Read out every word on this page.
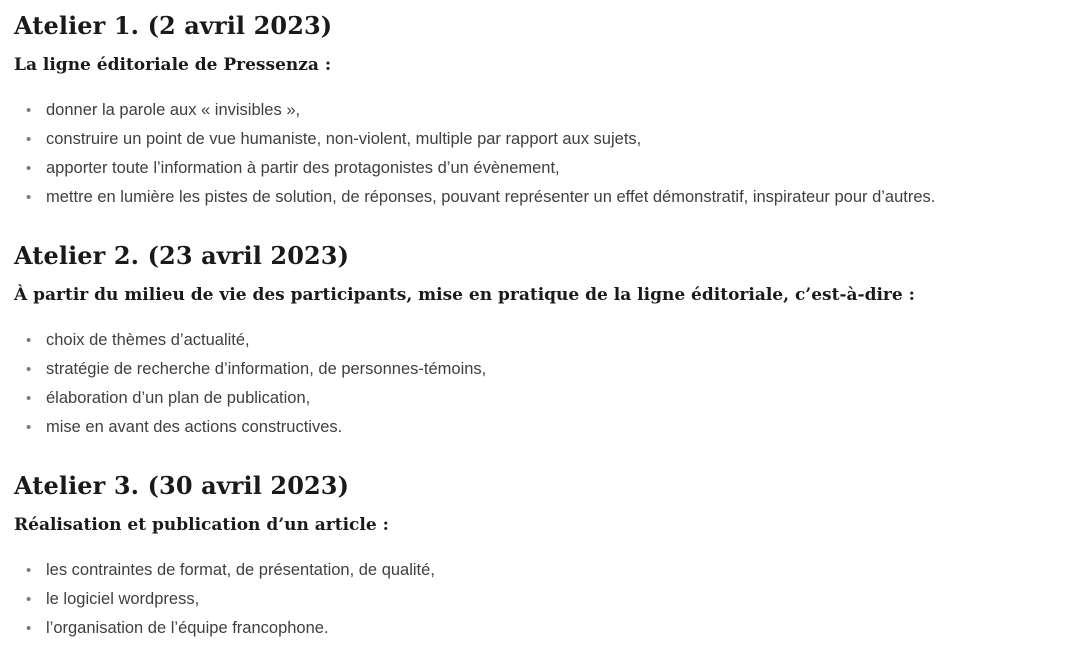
Atelier 1. (2 avril 2023)
La ligne éditoriale de Pressenza :
• donner la parole aux « invisibles »,
• construire un point de vue humaniste, non-violent, multiple par rapport aux sujets,
• apporter toute l’information à partir des protagonistes d’un évènement,
• mettre en lumière les pistes de solution, de réponses, pouvant représenter un effet démonstratif, inspirateur pour d’autres.
Atelier 2. (23 avril 2023)
À partir du milieu de vie des participants, mise en pratique de la ligne éditoriale, c’est-à-dire :
• choix de thèmes d’actualité,
• stratégie de recherche d’information, de personnes-témoins,
• élaboration d’un plan de publication,
• mise en avant des actions constructives.
Atelier 3. (30 avril 2023)
Réalisation et publication d’un article :
• les contraintes de format, de présentation, de qualité,
• le logiciel wordpress,
• l’organisation de l’équipe francophone.
